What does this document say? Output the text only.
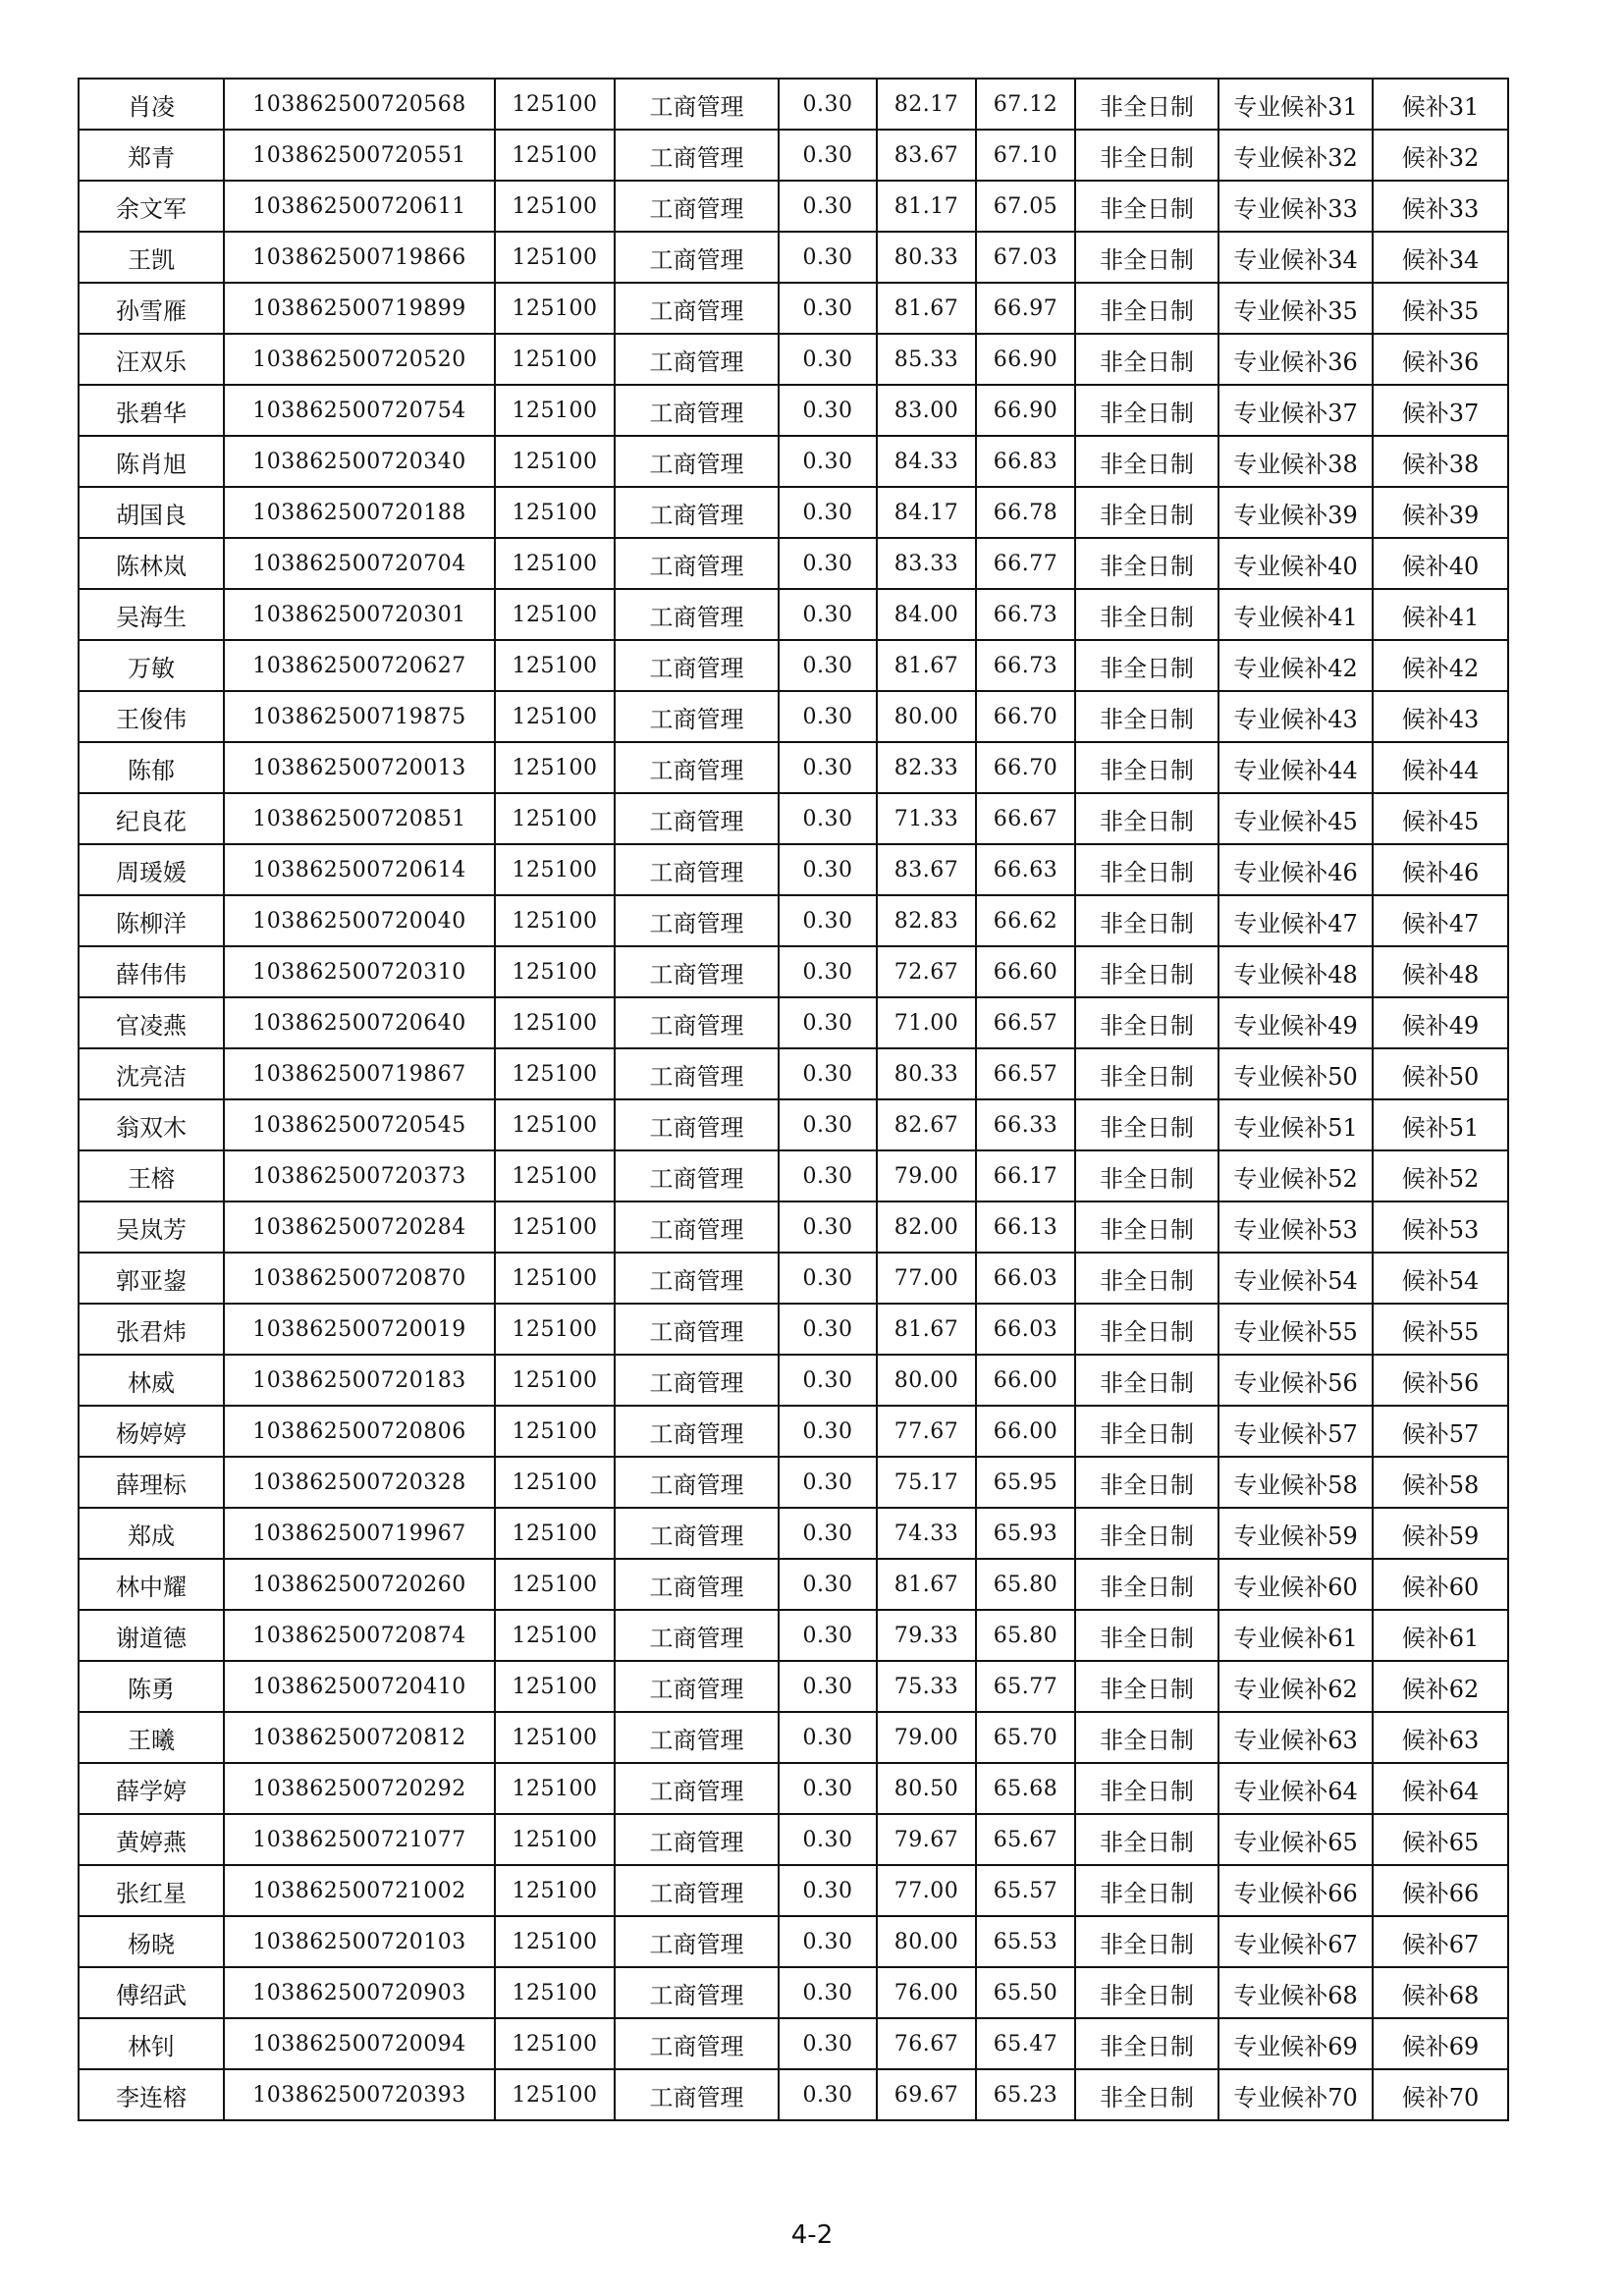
肖凌	103862500720568	125100	工商管理	0.30	82.17	67.12	非全日制	专业候补31	候补31
郑青	103862500720551	125100	工商管理	0.30	83.67	67.10	非全日制	专业候补32	候补32
余文军	103862500720611	125100	工商管理	0.30	81.17	67.05	非全日制	专业候补33	候补33
王凯	103862500719866	125100	工商管理	0.30	80.33	67.03	非全日制	专业候补34	候补34
孙雪雁	103862500719899	125100	工商管理	0.30	81.67	66.97	非全日制	专业候补35	候补35
汪双乐	103862500720520	125100	工商管理	0.30	85.33	66.90	非全日制	专业候补36	候补36
张碧华	103862500720754	125100	工商管理	0.30	83.00	66.90	非全日制	专业候补37	候补37
陈肖旭	103862500720340	125100	工商管理	0.30	84.33	66.83	非全日制	专业候补38	候补38
胡国良	103862500720188	125100	工商管理	0.30	84.17	66.78	非全日制	专业候补39	候补39
陈林岚	103862500720704	125100	工商管理	0.30	83.33	66.77	非全日制	专业候补40	候补40
吴海生	103862500720301	125100	工商管理	0.30	84.00	66.73	非全日制	专业候补41	候补41
万敏	103862500720627	125100	工商管理	0.30	81.67	66.73	非全日制	专业候补42	候补42
王俊伟	103862500719875	125100	工商管理	0.30	80.00	66.70	非全日制	专业候补43	候补43
陈郁	103862500720013	125100	工商管理	0.30	82.33	66.70	非全日制	专业候补44	候补44
纪良花	103862500720851	125100	工商管理	0.30	71.33	66.67	非全日制	专业候补45	候补45
周瑗媛	103862500720614	125100	工商管理	0.30	83.67	66.63	非全日制	专业候补46	候补46
陈柳洋	103862500720040	125100	工商管理	0.30	82.83	66.62	非全日制	专业候补47	候补47
薛伟伟	103862500720310	125100	工商管理	0.30	72.67	66.60	非全日制	专业候补48	候补48
官凌燕	103862500720640	125100	工商管理	0.30	71.00	66.57	非全日制	专业候补49	候补49
沈亮洁	103862500719867	125100	工商管理	0.30	80.33	66.57	非全日制	专业候补50	候补50
翁双木	103862500720545	125100	工商管理	0.30	82.67	66.33	非全日制	专业候补51	候补51
王榕	103862500720373	125100	工商管理	0.30	79.00	66.17	非全日制	专业候补52	候补52
吴岚芳	103862500720284	125100	工商管理	0.30	82.00	66.13	非全日制	专业候补53	候补53
郭亚鋆	103862500720870	125100	工商管理	0.30	77.00	66.03	非全日制	专业候补54	候补54
张君炜	103862500720019	125100	工商管理	0.30	81.67	66.03	非全日制	专业候补55	候补55
林威	103862500720183	125100	工商管理	0.30	80.00	66.00	非全日制	专业候补56	候补56
杨婷婷	103862500720806	125100	工商管理	0.30	77.67	66.00	非全日制	专业候补57	候补57
薛理标	103862500720328	125100	工商管理	0.30	75.17	65.95	非全日制	专业候补58	候补58
郑成	103862500719967	125100	工商管理	0.30	74.33	65.93	非全日制	专业候补59	候补59
林中耀	103862500720260	125100	工商管理	0.30	81.67	65.80	非全日制	专业候补60	候补60
谢道德	103862500720874	125100	工商管理	0.30	79.33	65.80	非全日制	专业候补61	候补61
陈勇	103862500720410	125100	工商管理	0.30	75.33	65.77	非全日制	专业候补62	候补62
王曦	103862500720812	125100	工商管理	0.30	79.00	65.70	非全日制	专业候补63	候补63
薛学婷	103862500720292	125100	工商管理	0.30	80.50	65.68	非全日制	专业候补64	候补64
黄婷燕	103862500721077	125100	工商管理	0.30	79.67	65.67	非全日制	专业候补65	候补65
张红星	103862500721002	125100	工商管理	0.30	77.00	65.57	非全日制	专业候补66	候补66
杨晓	103862500720103	125100	工商管理	0.30	80.00	65.53	非全日制	专业候补67	候补67
傅绍武	103862500720903	125100	工商管理	0.30	76.00	65.50	非全日制	专业候补68	候补68
林钊	103862500720094	125100	工商管理	0.30	76.67	65.47	非全日制	专业候补69	候补69
李连榕	103862500720393	125100	工商管理	0.30	69.67	65.23	非全日制	专业候补70	候补70
4-2
